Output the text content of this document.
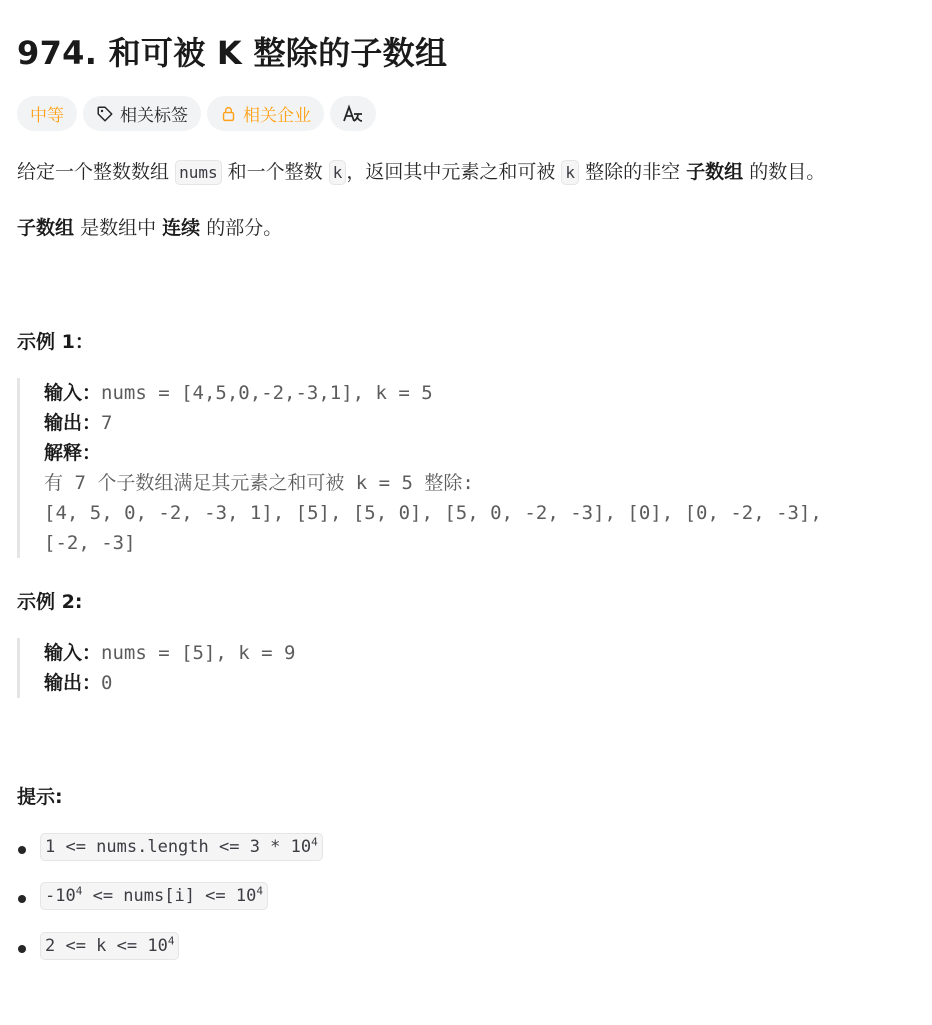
974. 和可被 K 整除的子数组
中等	相关标签	相关企业
给定一个整数数组 nums 和一个整数 k ，返回其中元素之和可被 k 整除的非空 子数组 的数目。
子数组 是数组中 连续 的部分。
示例 1：
输入：nums = [4,5,0,-2,-3,1], k = 5
输出：7
解释：
有 7 个子数组满足其元素之和可被 k = 5 整除:
[4, 5, 0, -2, -3, 1], [5], [5, 0], [5, 0, -2, -3], [0], [0, -2, -3],
[-2, -3]
示例 2:
输入：nums = [5], k = 9
输出：0
提示:
1 <= nums.length <= $3 * 10^4$
$-10^4$ <= nums[i] <= $10^4$
$2 <= k <= 10^4$
